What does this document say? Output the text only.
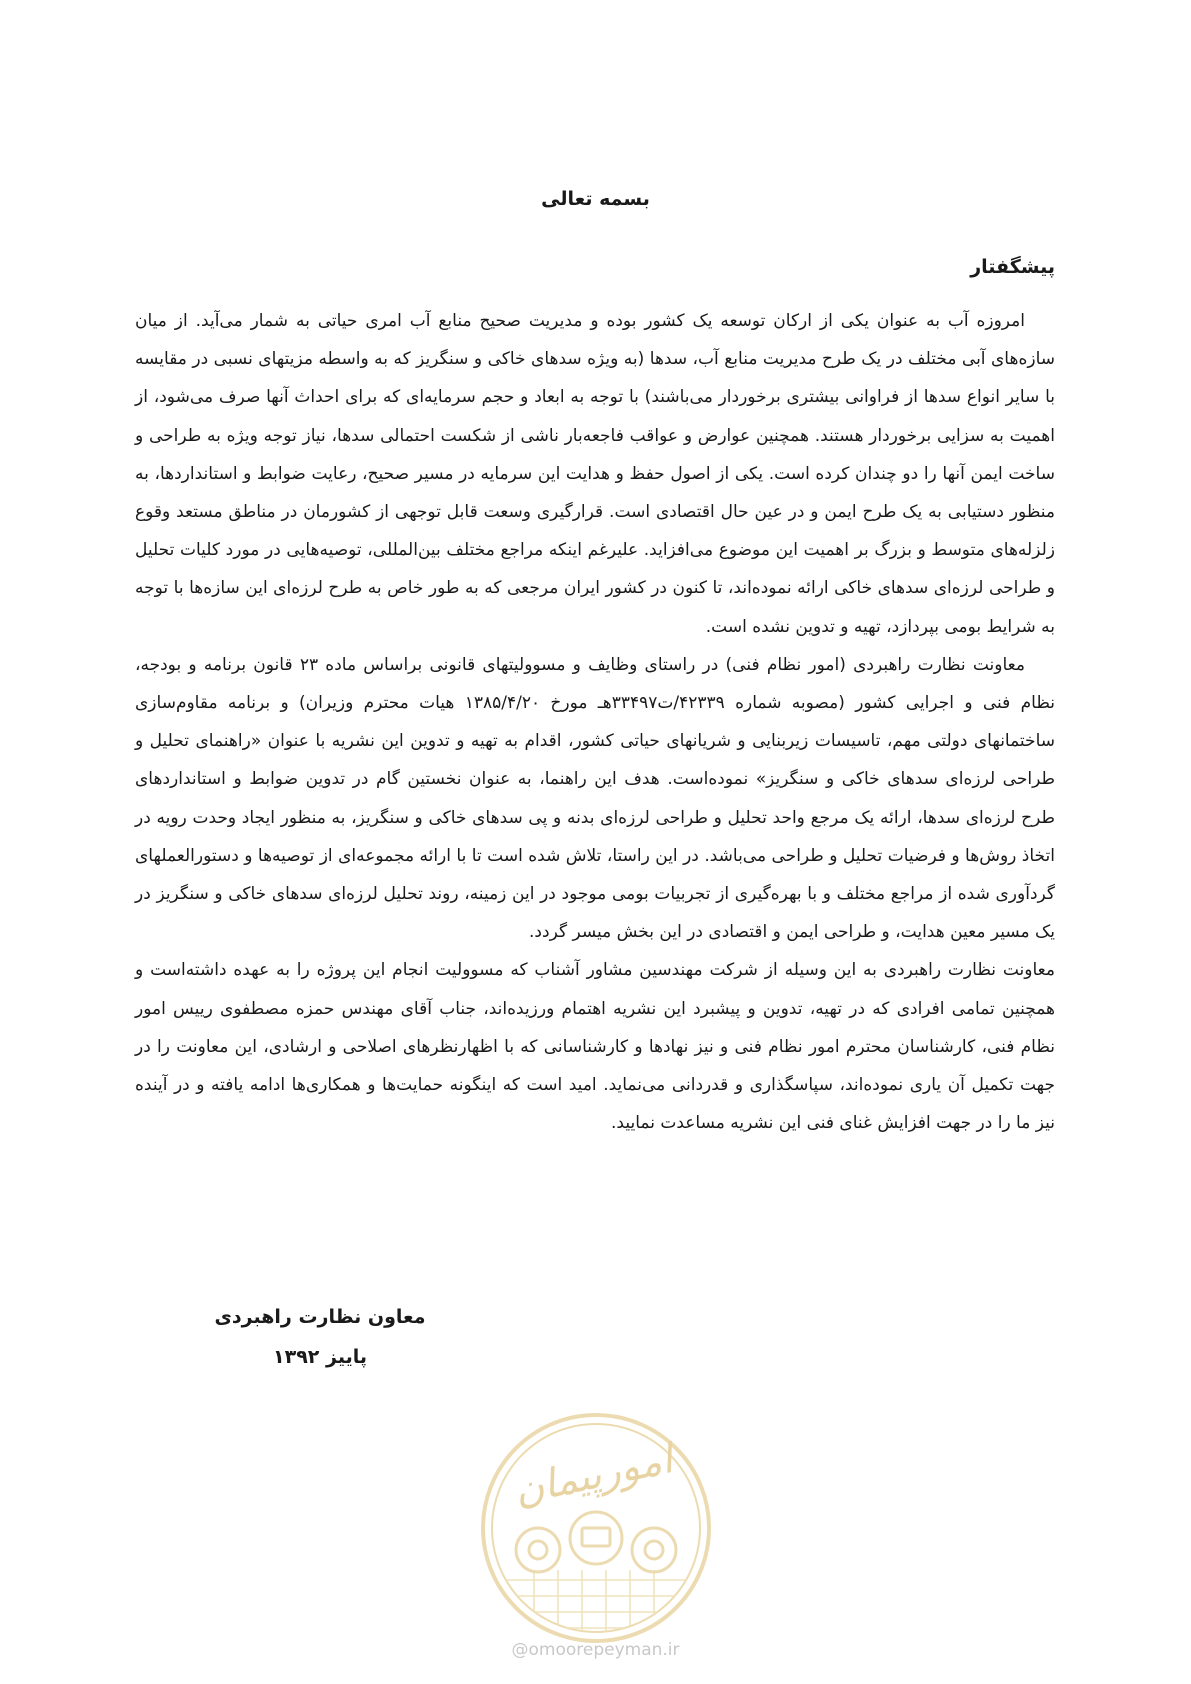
بسمه تعالی
پیشگفتار

امروزه آب به عنوان یکی از ارکان توسعه یک کشور بوده و مدیریت صحیح منابع آب امری حیاتی به شمار می‌آید. از میان سازه‌های آبی مختلف در یک طرح مدیریت منابع آب، سدها (به ویژه سدهای خاکی و سنگریز که به واسطه مزیتهای نسبی در مقایسه با سایر انواع سدها از فراوانی بیشتری برخوردار می‌باشند) با توجه به ابعاد و حجم سرمایه‌ای که برای احداث آنها صرف می‌شود، از اهمیت به سزایی برخوردار هستند. همچنین عوارض و عواقب فاجعه‌بار ناشی از شکست احتمالی سدها، نیاز توجه ویژه به طراحی و ساخت ایمن آنها را دو چندان کرده است. یکی از اصول حفظ و هدایت این سرمایه در مسیر صحیح، رعایت ضوابط و استانداردها، به منظور دستیابی به یک طرح ایمن و در عین حال اقتصادی است. قرارگیری وسعت قابل توجهی از کشورمان در مناطق مستعد وقوع زلزله‌های متوسط و بزرگ بر اهمیت این موضوع می‌افزاید. علیرغم اینکه مراجع مختلف بین‌المللی، توصیه‌هایی در مورد کلیات تحلیل و طراحی لرزه‌ای سدهای خاکی ارائه نموده‌اند، تا کنون در کشور ایران مرجعی که به طور خاص به طرح لرزه‌ای این سازه‌ها با توجه به شرایط بومی بپردازد، تهیه و تدوین نشده است.

معاونت نظارت راهبردی (امور نظام فنی) در راستای وظایف و مسوولیتهای قانونی براساس ماده ۲۳ قانون برنامه و بودجه، نظام فنی و اجرایی کشور (مصوبه شماره ۴۲۳۳۹/ت۳۳۴۹۷هـ مورخ ۱۳۸۵/۴/۲۰ هیات محترم وزیران) و برنامه مقاوم‌سازی ساختمانهای دولتی مهم، تاسیسات زیربنایی و شریانهای حیاتی کشور، اقدام به تهیه و تدوین این نشریه با عنوان «راهنمای تحلیل و طراحی لرزه‌ای سدهای خاکی و سنگریز» نموده‌است. هدف این راهنما، به عنوان نخستین گام در تدوین ضوابط و استانداردهای طرح لرزه‌ای سدها، ارائه یک مرجع واحد تحلیل و طراحی لرزه‌ای بدنه و پی سدهای خاکی و سنگریز، به منظور ایجاد وحدت رویه در اتخاذ روش‌ها و فرضیات تحلیل و طراحی می‌باشد. در این راستا، تلاش شده است تا با ارائه مجموعه‌ای از توصیه‌ها و دستورالعملهای گردآوری شده از مراجع مختلف و با بهره‌گیری از تجربیات بومی موجود در این زمینه، روند تحلیل لرزه‌ای سدهای خاکی و سنگریز در یک مسیر معین هدایت، و طراحی ایمن و اقتصادی در این بخش میسر گردد.

معاونت نظارت راهبردی به این وسیله از شرکت مهندسین مشاور آشناب که مسوولیت انجام این پروژه را به عهده داشته‌است و همچنین تمامی افرادی که در تهیه، تدوین و پیشبرد این نشریه اهتمام ورزیده‌اند، جناب آقای مهندس حمزه مصطفوی رییس امور نظام فنی، کارشناسان محترم امور نظام فنی و نیز نهادها و کارشناسانی که با اظهارنظرهای اصلاحی و ارشادی، این معاونت را در جهت تکمیل آن یاری نموده‌اند، سپاسگذاری و قدردانی می‌نماید. امید است که اینگونه حمایت‌ها و همکاری‌ها ادامه یافته و در آینده نیز ما را در جهت افزایش غنای فنی این نشریه مساعدت نمایید.

معاون نظارت راهبردی
پاییز ۱۳۹۲
امورپیمان
@omoorepeyman.ir
